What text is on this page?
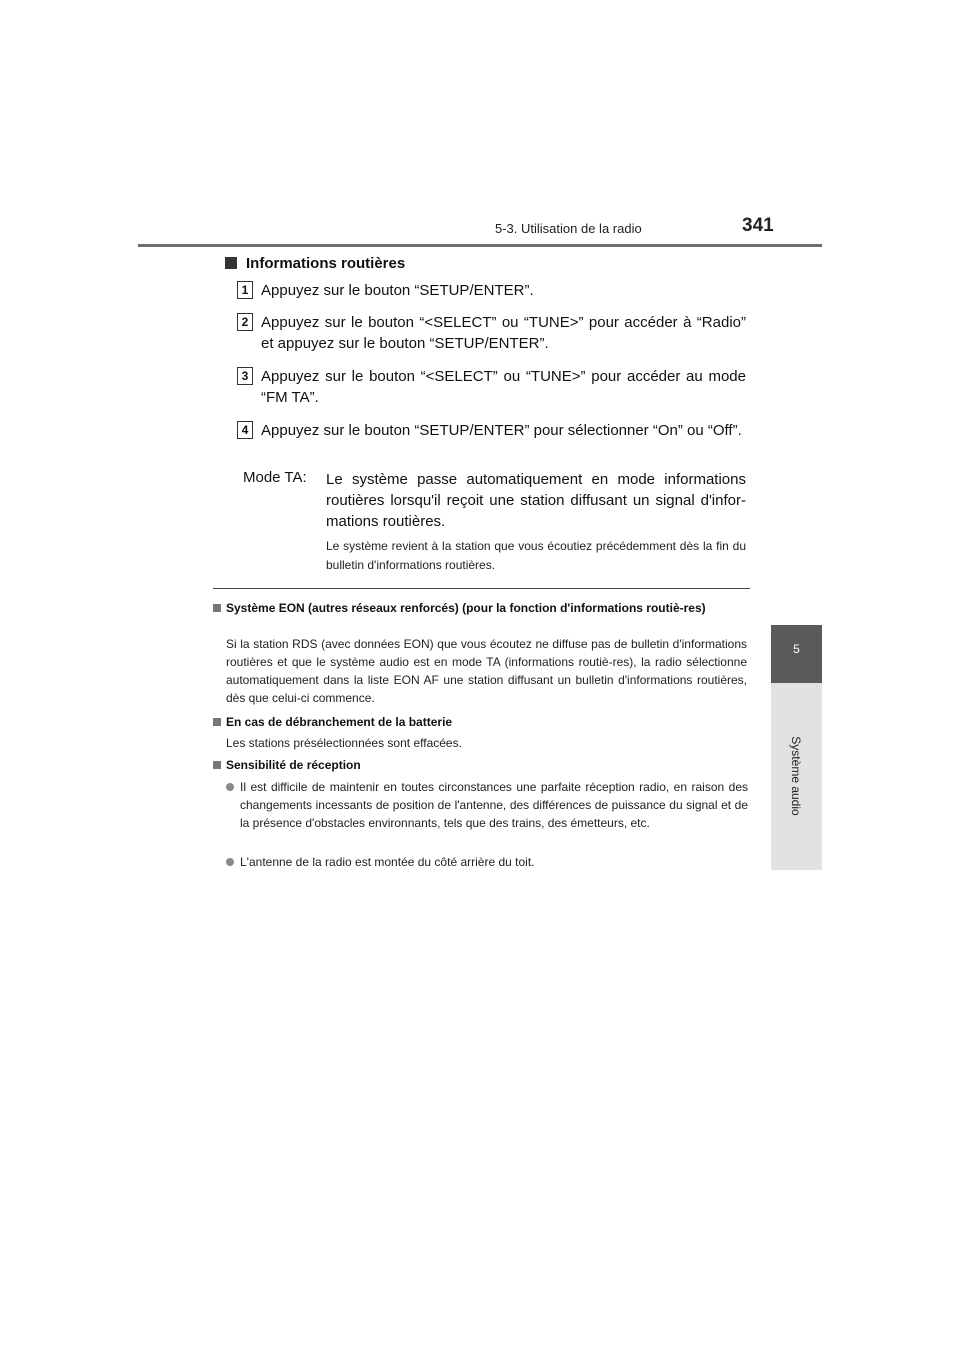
5-3. Utilisation de la radio	341
5
Système audio
Informations routières
1 Appuyez sur le bouton “SETUP/ENTER”.
2 Appuyez sur le bouton “<SELECT” ou “TUNE>” pour accéder à “Radio” et appuyez sur le bouton “SETUP/ENTER”.
3 Appuyez sur le bouton “<SELECT” ou “TUNE>” pour accéder au mode “FM TA”.
4 Appuyez sur le bouton “SETUP/ENTER” pour sélectionner “On” ou “Off”.
Mode TA: Le système passe automatiquement en mode informations routières lorsqu'il reçoit une station diffusant un signal d'infor-mations routières.
Le système revient à la station que vous écoutiez précédemment dès la fin du bulletin d'informations routières.
Système EON (autres réseaux renforcés) (pour la fonction d'informations routiè-res)
Si la station RDS (avec données EON) que vous écoutez ne diffuse pas de bulletin d'informations routières et que le système audio est en mode TA (informations routiè-res), la radio sélectionne automatiquement dans la liste EON AF une station diffusant un bulletin d'informations routières, dès que celui-ci commence.
En cas de débranchement de la batterie
Les stations présélectionnées sont effacées.
Sensibilité de réception
Il est difficile de maintenir en toutes circonstances une parfaite réception radio, en raison des changements incessants de position de l'antenne, des différences de puissance du signal et de la présence d'obstacles environnants, tels que des trains, des émetteurs, etc.
L'antenne de la radio est montée du côté arrière du toit.
